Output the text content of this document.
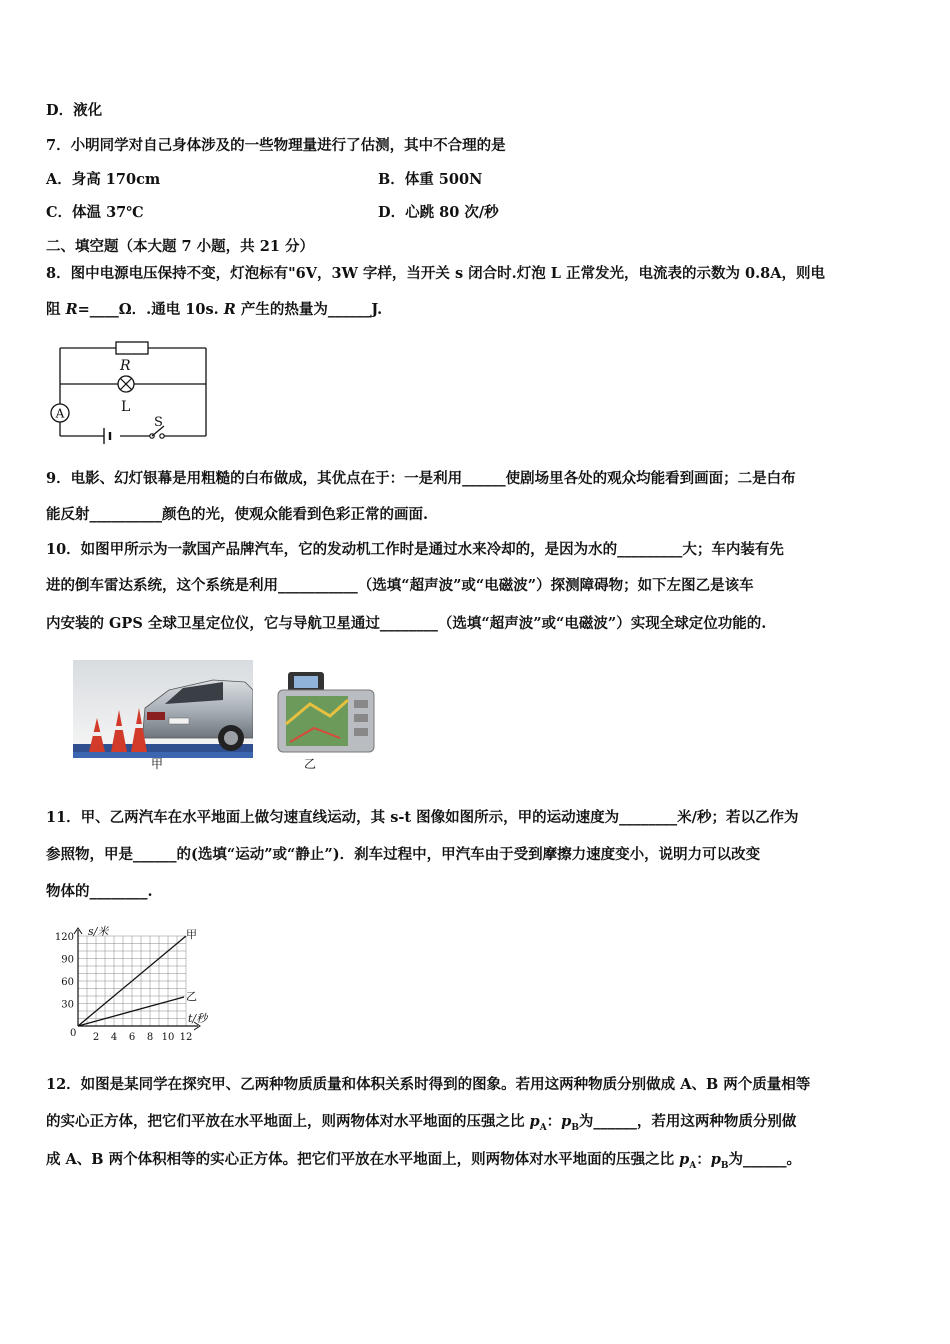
D．液化
7．小明同学对自己身体涉及的一些物理量进行了估测，其中不合理的是
A．身高 170cm	B．体重 500N
C．体温 37℃	D．心跳 80 次/秒
二、填空题（本大题 7 小题，共 21 分）
8．图中电源电压保持不变，灯泡标有"6V，3W 字样，当开关 s 闭合时.灯泡 L 正常发光，电流表的示数为 0.8A，则电
阻 R=____Ω．.通电 10s. R 产生的热量为______J.
A
R
L
S
9．电影、幻灯银幕是用粗糙的白布做成，其优点在于：一是利用______使剧场里各处的观众均能看到画面；二是白布
能反射__________颜色的光，使观众能看到色彩正常的画面.
10．如图甲所示为一款国产品牌汽车，它的发动机工作时是通过水来冷却的，是因为水的_________大；车内装有先
进的倒车雷达系统，这个系统是利用___________（选填“超声波”或“电磁波”）探测障碍物；如下左图乙是该车
内安装的 GPS 全球卫星定位仪，它与导航卫星通过________（选填“超声波”或“电磁波”）实现全球定位功能的.
甲	乙
11．甲、乙两汽车在水平地面上做匀速直线运动，其 s-t 图像如图所示，甲的运动速度为________米/秒；若以乙作为
参照物，甲是______的(选填“运动”或“静止”)．刹车过程中，甲汽车由于受到摩擦力速度变小，说明力可以改变
物体的________.
s/米
t/秒
甲
乙
120
90
60
30
2 4 6 8 10 12
0
12．如图是某同学在探究甲、乙两种物质质量和体积关系时得到的图象。若用这两种物质分别做成 A、B 两个质量相等
的实心正方体，把它们平放在水平地面上，则两物体对水平地面的压强之比 $p_A$：$p_B$为______，若用这两种物质分别做
成 A、B 两个体积相等的实心正方体。把它们平放在水平地面上，则两物体对水平地面的压强之比 $p_A$：$p_B$为______。
